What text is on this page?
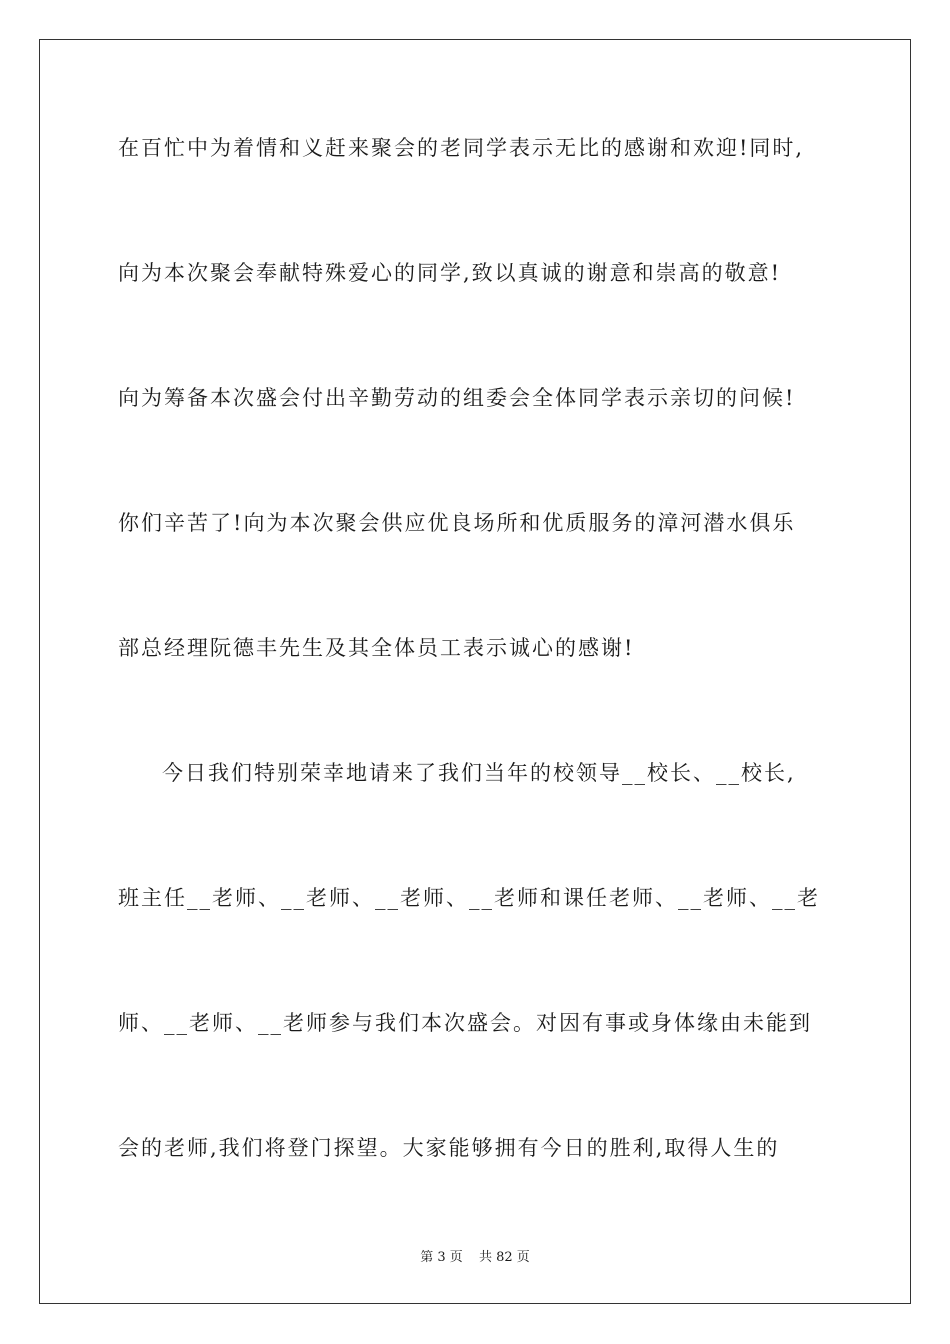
在百忙中为着情和义赶来聚会的老同学表示无比的感谢和欢迎!同时,
向为本次聚会奉献特殊爱心的同学,致以真诚的谢意和崇高的敬意!
向为筹备本次盛会付出辛勤劳动的组委会全体同学表示亲切的问候!
你们辛苦了!向为本次聚会供应优良场所和优质服务的漳河潜水俱乐
部总经理阮德丰先生及其全体员工表示诚心的感谢!
今日我们特别荣幸地请来了我们当年的校领导__校长、__校长,
班主任__老师、__老师、__老师、__老师和课任老师、__老师、__老
师、__老师、__老师参与我们本次盛会。对因有事或身体缘由未能到
会的老师,我们将登门探望。大家能够拥有今日的胜利,取得人生的
第 3 页 共 82 页
